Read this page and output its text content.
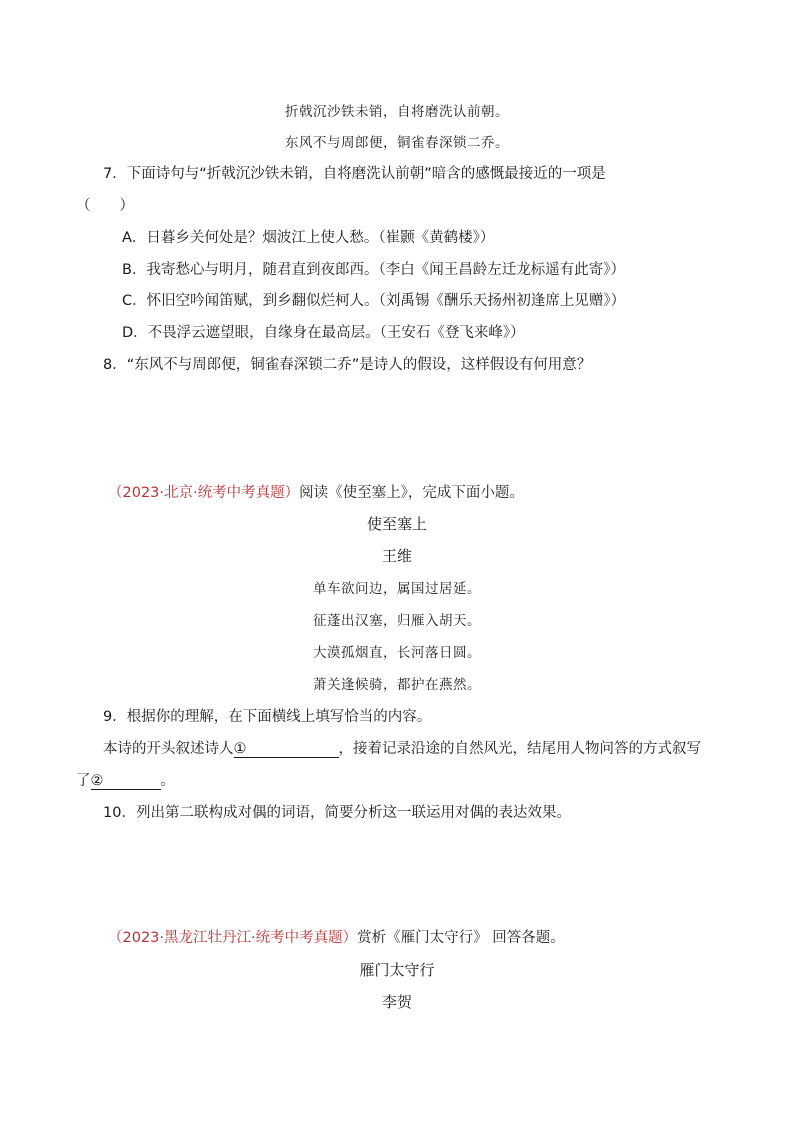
折戟沉沙铁未销，自将磨洗认前朝。
东风不与周郎便，铜雀春深锁二乔。
7．下面诗句与“折戟沉沙铁未销，自将磨洗认前朝”暗含的感慨最接近的一项是
（　　）
A．日暮乡关何处是？烟波江上使人愁。（崔颢《黄鹤楼》）
B．我寄愁心与明月，随君直到夜郎西。（李白《闻王昌龄左迁龙标遥有此寄》）
C．怀旧空吟闻笛赋，到乡翻似烂柯人。（刘禹锡《酬乐天扬州初逢席上见赠》）
D．不畏浮云遮望眼，自缘身在最高层。（王安石《登飞来峰》）
8．“东风不与周郎便，铜雀春深锁二乔”是诗人的假设，这样假设有何用意？
（2023·北京·统考中考真题）阅读《使至塞上》，完成下面小题。
使至塞上
王维
单车欲问边，属国过居延。
征蓬出汉塞，归雁入胡天。
大漠孤烟直，长河落日圆。
萧关逢候骑，都护在燕然。
9．根据你的理解，在下面横线上填写恰当的内容。
本诗的开头叙述诗人①	，接着记录沿途的自然风光，结尾用人物问答的方式叙写
了②	。
10．列出第二联构成对偶的词语，简要分析这一联运用对偶的表达效果。
（2023·黑龙江牡丹江·统考中考真题）赏析《雁门太守行》 回答各题。
雁门太守行
李贺
